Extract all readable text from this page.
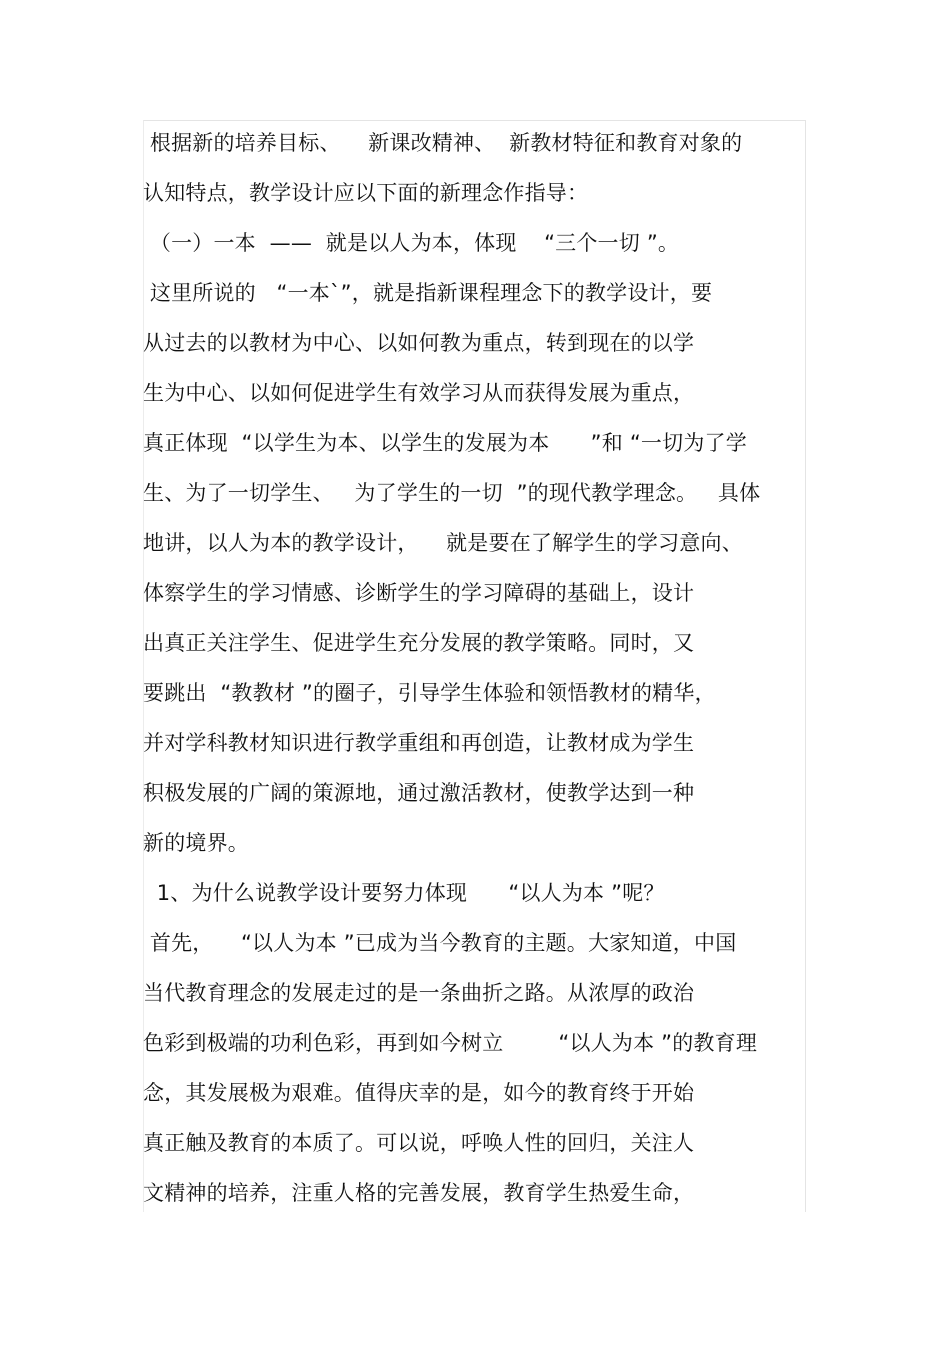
根据新的培养目标、    新课改精神、  新教材特征和教育对象的
认知特点，教学设计应以下面的新理念作指导：
（一）一本  ——  就是以人为本，体现    “三个一切 ”。
这里所说的   “一本`”，就是指新课程理念下的教学设计，要
从过去的以教材为中心、以如何教为重点，转到现在的以学
生为中心、以如何促进学生有效学习从而获得发展为重点，
真正体现  “以学生为本、以学生的发展为本      ”和 “一切为了学
生、为了一切学生、   为了学生的一切  ”的现代教学理念。   具体
地讲，以人为本的教学设计，    就是要在了解学生的学习意向、
体察学生的学习情感、诊断学生的学习障碍的基础上，设计
出真正关注学生、促进学生充分发展的教学策略。同时，又
要跳出  “教教材 ”的圈子，引导学生体验和领悟教材的精华，
并对学科教材知识进行教学重组和再创造，让教材成为学生
积极发展的广阔的策源地，通过激活教材，使教学达到一种
新的境界。
1、为什么说教学设计要努力体现      “以人为本 ”呢？
首先，    “以人为本 ”已成为当今教育的主题。大家知道，中国
当代教育理念的发展走过的是一条曲折之路。从浓厚的政治
色彩到极端的功利色彩，再到如今树立        “以人为本 ”的教育理
念，其发展极为艰难。值得庆幸的是，如今的教育终于开始
真正触及教育的本质了。可以说，呼唤人性的回归，关注人
文精神的培养，注重人格的完善发展，教育学生热爱生命，
